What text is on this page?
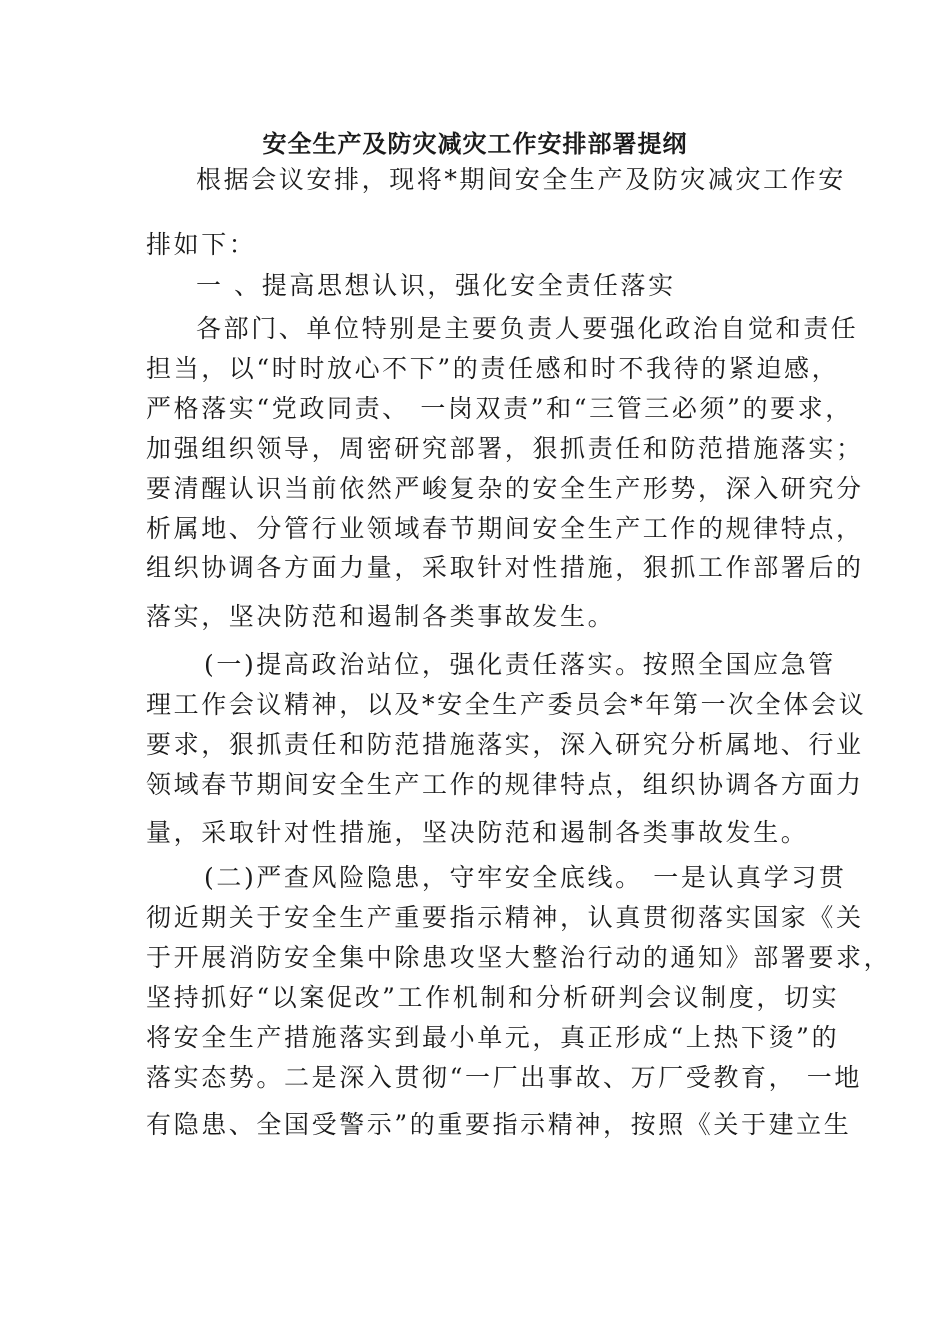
安全生产及防灾减灾工作安排部署提纲
根据会议安排，现将*期间安全生产及防灾减灾工作安
排如下：
一 、提高思想认识，强化安全责任落实
各部门、单位特别是主要负责人要强化政治自觉和责任
担当，以“时时放心不下”的责任感和时不我待的紧迫感，
严格落实“党政同责、 一岗双责”和“三管三必须”的要求，
加强组织领导，周密研究部署，狠抓责任和防范措施落实；
要清醒认识当前依然严峻复杂的安全生产形势，深入研究分
析属地、分管行业领域春节期间安全生产工作的规律特点，
组织协调各方面力量，采取针对性措施，狠抓工作部署后的
落实，坚决防范和遏制各类事故发生。
(一)提高政治站位，强化责任落实。按照全国应急管
理工作会议精神，以及*安全生产委员会*年第一次全体会议
要求，狠抓责任和防范措施落实，深入研究分析属地、行业
领域春节期间安全生产工作的规律特点，组织协调各方面力
量，采取针对性措施，坚决防范和遏制各类事故发生。
(二)严查风险隐患，守牢安全底线。 一是认真学习贯
彻近期关于安全生产重要指示精神，认真贯彻落实国家《关
于开展消防安全集中除患攻坚大整治行动的通知》部署要求，
坚持抓好“以案促改”工作机制和分析研判会议制度，切实
将安全生产措施落实到最小单元，真正形成“上热下烫”的
落实态势。二是深入贯彻“一厂出事故、万厂受教育， 一地
有隐患、全国受警示”的重要指示精神，按照《关于建立生
